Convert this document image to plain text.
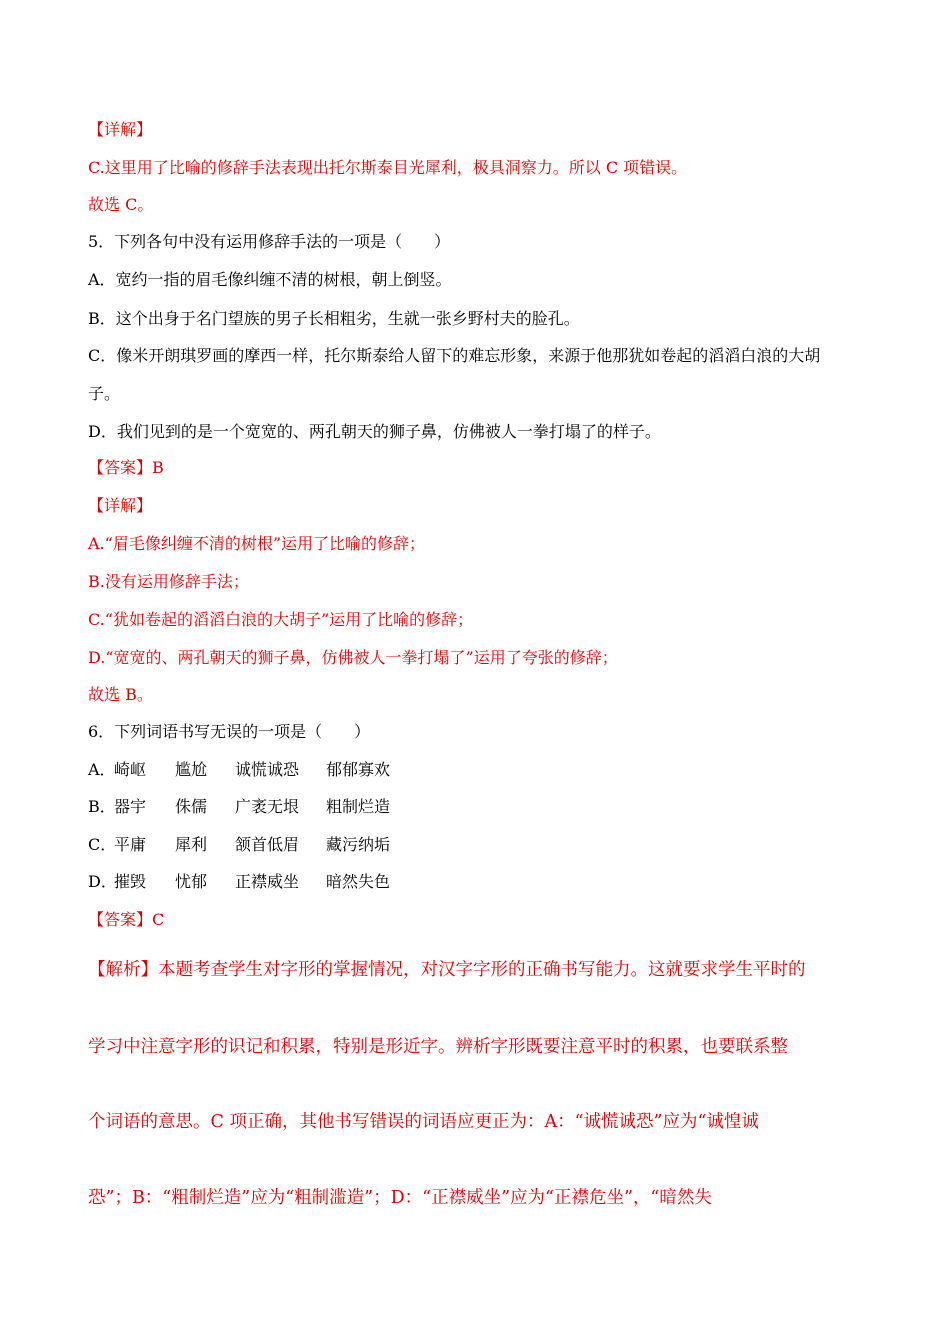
【详解】
C.这里用了比喻的修辞手法表现出托尔斯泰目光犀利，极具洞察力。所以 C 项错误。
故选 C。
5．下列各句中没有运用修辞手法的一项是（　　）
A．宽约一指的眉毛像纠缠不清的树根，朝上倒竖。
B．这个出身于名门望族的男子长相粗劣，生就一张乡野村夫的脸孔。
C．像米开朗琪罗画的摩西一样，托尔斯泰给人留下的难忘形象，来源于他那犹如卷起的滔滔白浪的大胡
子。
D．我们见到的是一个宽宽的、两孔朝天的狮子鼻，仿佛被人一拳打塌了的样子。
【答案】B
【详解】
A.“眉毛像纠缠不清的树根”运用了比喻的修辞；
B.没有运用修辞手法；
C.“犹如卷起的滔滔白浪的大胡子”运用了比喻的修辞；
D.“宽宽的、两孔朝天的狮子鼻，仿佛被人一拳打塌了”运用了夸张的修辞；
故选 B。
6．下列词语书写无误的一项是（　　）
A．崎岖 尴尬 诚慌诚恐 郁郁寡欢
B．器宇 侏儒 广袤无垠 粗制烂造
C．平庸 犀利 颔首低眉 藏污纳垢
D．摧毁 忧郁 正襟威坐 暗然失色
【答案】C
【解析】本题考查学生对字形的掌握情况，对汉字字形的正确书写能力。这就要求学生平时的
学习中注意字形的识记和积累，特别是形近字。辨析字形既要注意平时的积累，也要联系整
个词语的意思。C 项正确，其他书写错误的词语应更正为：A：“诚慌诚恐”应为“诚惶诚
恐”；B：“粗制烂造”应为“粗制滥造”；D：“正襟威坐”应为“正襟危坐”，“暗然失
